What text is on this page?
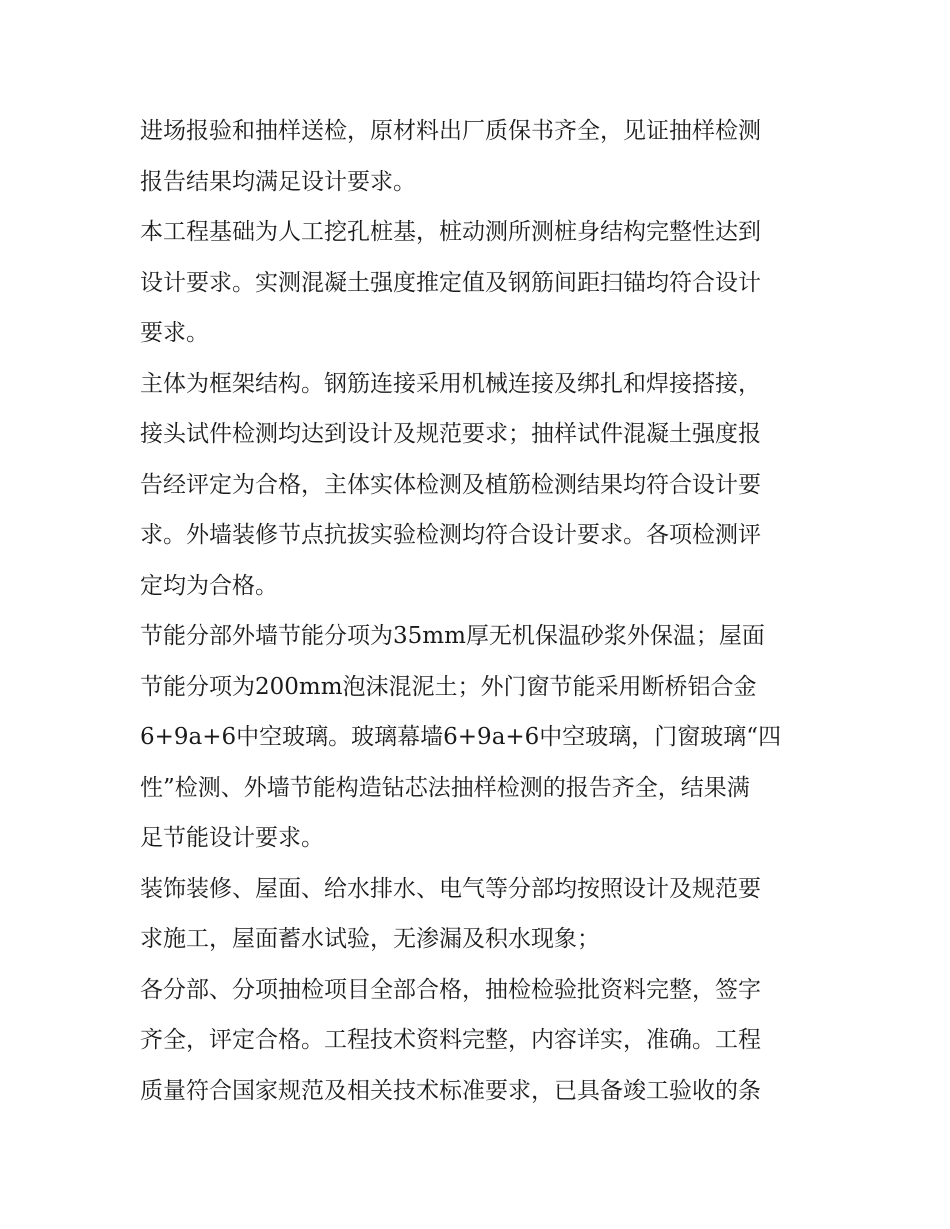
进场报验和抽样送检，原材料出厂质保书齐全，见证抽样检测
报告结果均满足设计要求。
本工程基础为人工挖孔桩基，桩动测所测桩身结构完整性达到
设计要求。实测混凝土强度推定值及钢筋间距扫锚均符合设计
要求。
主体为框架结构。钢筋连接采用机械连接及绑扎和焊接搭接，
接头试件检测均达到设计及规范要求；抽样试件混凝土强度报
告经评定为合格，主体实体检测及植筋检测结果均符合设计要
求。外墙装修节点抗拔实验检测均符合设计要求。各项检测评
定均为合格。
节能分部外墙节能分项为35mm厚无机保温砂浆外保温；屋面
节能分项为200mm泡沫混泥土；外门窗节能采用断桥铝合金
6+9a+6中空玻璃。玻璃幕墙6+9a+6中空玻璃，门窗玻璃“四
性”检测、外墙节能构造钻芯法抽样检测的报告齐全，结果满
足节能设计要求。
装饰装修、屋面、给水排水、电气等分部均按照设计及规范要
求施工，屋面蓄水试验，无渗漏及积水现象；
各分部、分项抽检项目全部合格，抽检检验批资料完整，签字
齐全，评定合格。工程技术资料完整，内容详实，准确。工程
质量符合国家规范及相关技术标准要求，已具备竣工验收的条
